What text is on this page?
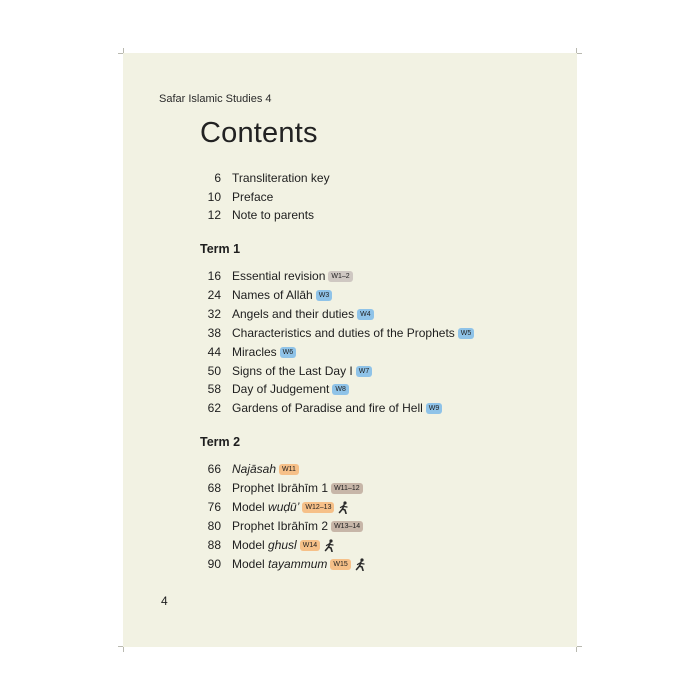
Safar Islamic Studies 4
Contents
6 Transliteration key
10 Preface
12 Note to parents
Term 1
16 Essential revision W1–2
24 Names of Allāh W3
32 Angels and their duties W4
38 Characteristics and duties of the Prophets W5
44 Miracles W6
50 Signs of the Last Day I W7
58 Day of Judgement W8
62 Gardens of Paradise and fire of Hell W9
Term 2
66 Najāsah W11
68 Prophet Ibrāhīm 1 W11–12
76 Model wuḍū’ W12–13
80 Prophet Ibrāhīm 2 W13–14
88 Model ghusl W14
90 Model tayammum W15
4
